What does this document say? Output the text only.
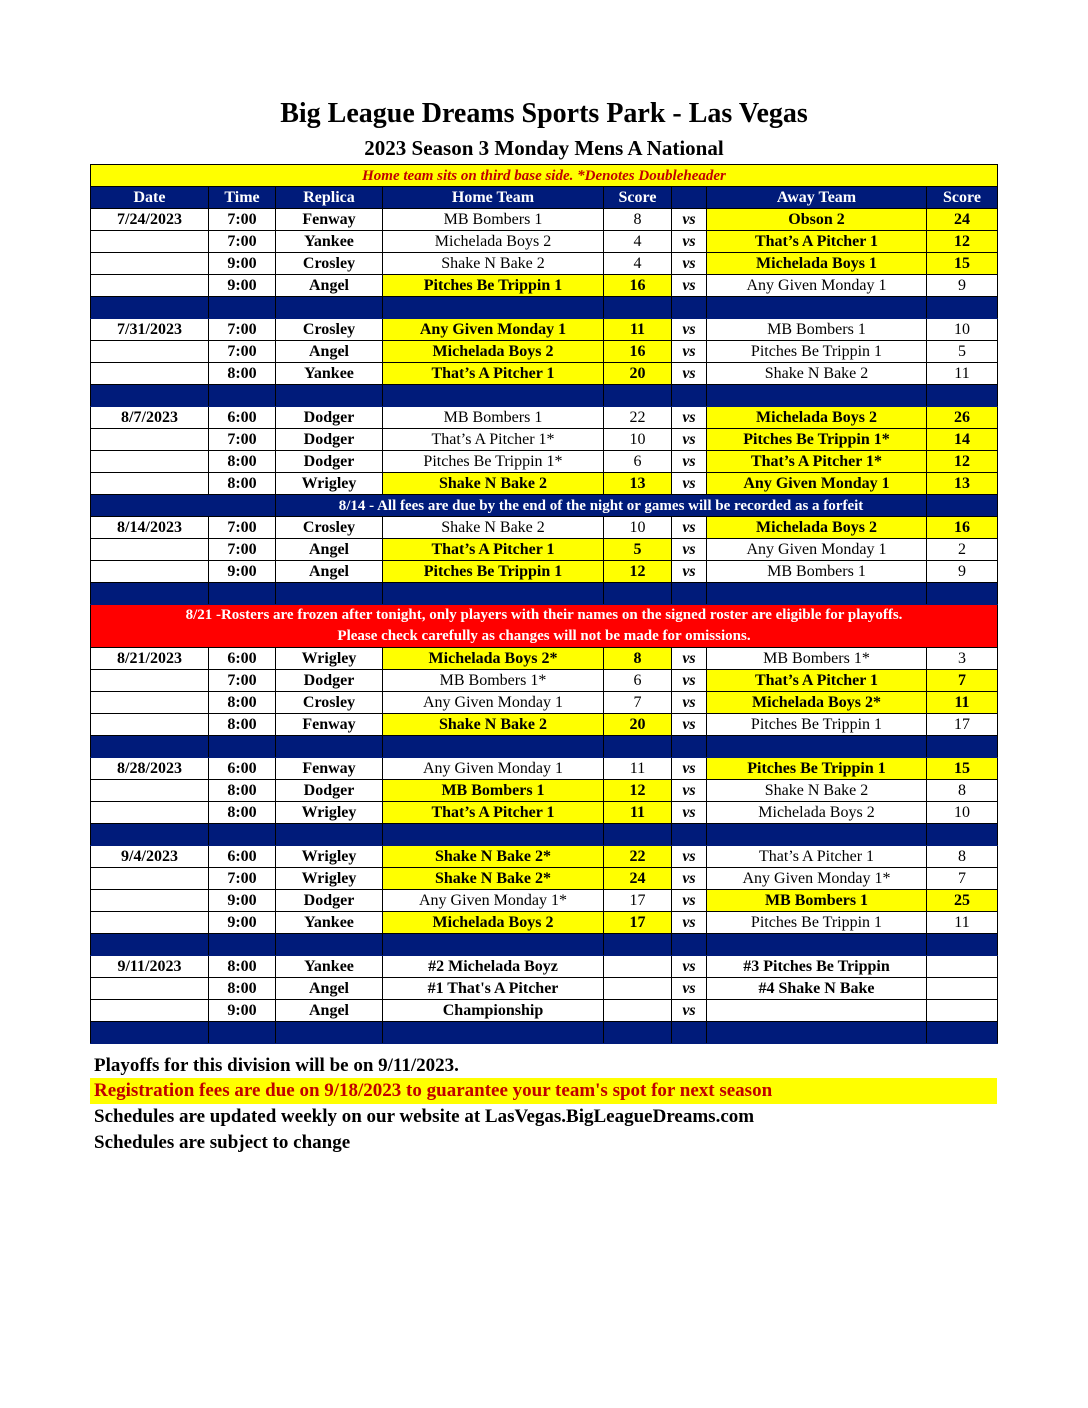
Big League Dreams Sports Park - Las Vegas
2023 Season 3 Monday Mens A National
Home team sits on third base side. *Denotes Doubleheader							
Date	Time	Replica	Home Team	Score		Away Team	Score
7/24/2023	7:00	Fenway	MB Bombers 1	8	vs	Obson 2	24
	7:00	Yankee	Michelada Boys 2	4	vs	That’s A Pitcher 1	12
	9:00	Crosley	Shake N Bake 2	4	vs	Michelada Boys 1	15
	9:00	Angel	Pitches Be Trippin 1	16	vs	Any Given Monday 1	9

7/31/2023	7:00	Crosley	Any Given Monday 1	11	vs	MB Bombers 1	10
	7:00	Angel	Michelada Boys 2	16	vs	Pitches Be Trippin 1	5
	8:00	Yankee	That’s A Pitcher 1	20	vs	Shake N Bake 2	11

8/7/2023	6:00	Dodger	MB Bombers 1	22	vs	Michelada Boys 2	26
	7:00	Dodger	That’s A Pitcher 1*	10	vs	Pitches Be Trippin 1*	14
	8:00	Dodger	Pitches Be Trippin 1*	6	vs	That’s A Pitcher 1*	12
	8:00	Wrigley	Shake N Bake 2	13	vs	Any Given Monday 1	13
		8/14 - All fees are due by the end of the night or games will be recorded as a forfeit					
8/14/2023	7:00	Crosley	Shake N Bake 2	10	vs	Michelada Boys 2	16
	7:00	Angel	That’s A Pitcher 1	5	vs	Any Given Monday 1	2
	9:00	Angel	Pitches Be Trippin 1	12	vs	MB Bombers 1	9

8/21 -Rosters are frozen after tonight, only players with their names on the signed roster are eligible for playoffs.
Please check carefully as changes will not be made for omissions.							
8/21/2023	6:00	Wrigley	Michelada Boys 2*	8	vs	MB Bombers 1*	3
	7:00	Dodger	MB Bombers 1*	6	vs	That’s A Pitcher 1	7
	8:00	Crosley	Any Given Monday 1	7	vs	Michelada Boys 2*	11
	8:00	Fenway	Shake N Bake 2	20	vs	Pitches Be Trippin 1	17

8/28/2023	6:00	Fenway	Any Given Monday 1	11	vs	Pitches Be Trippin 1	15
	8:00	Dodger	MB Bombers 1	12	vs	Shake N Bake 2	8
	8:00	Wrigley	That’s A Pitcher 1	11	vs	Michelada Boys 2	10

9/4/2023	6:00	Wrigley	Shake N Bake 2*	22	vs	That’s A Pitcher 1	8
	7:00	Wrigley	Shake N Bake 2*	24	vs	Any Given Monday 1*	7
	9:00	Dodger	Any Given Monday 1*	17	vs	MB Bombers 1	25
	9:00	Yankee	Michelada Boys 2	17	vs	Pitches Be Trippin 1	11

9/11/2023	8:00	Yankee	#2 Michelada Boyz		vs	#3 Pitches Be Trippin	
	8:00	Angel	#1 That's A Pitcher		vs	#4 Shake N Bake	
	9:00	Angel	Championship		vs		

Playoffs for this division will be on 9/11/2023.
Registration fees are due on 9/18/2023 to guarantee your team's spot for next season
Schedules are updated weekly on our website at LasVegas.BigLeagueDreams.com
Schedules are subject to change
